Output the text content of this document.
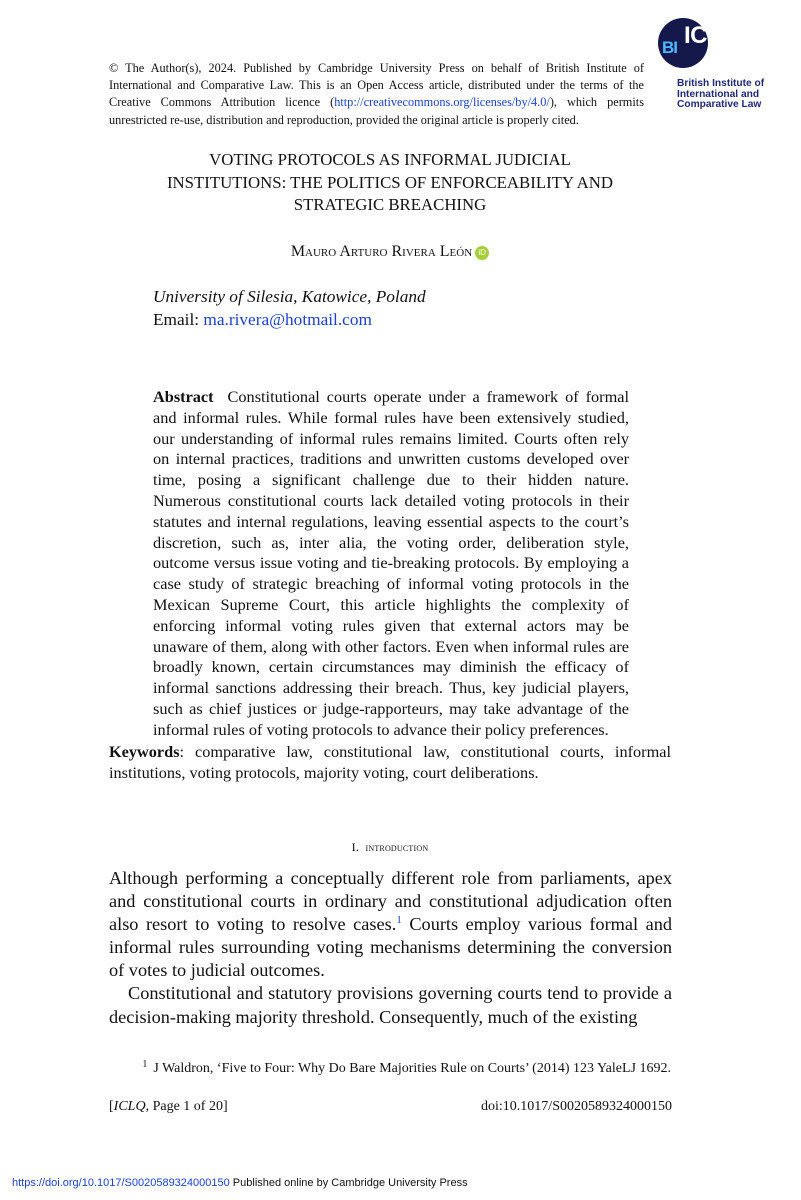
© The Author(s), 2024. Published by Cambridge University Press on behalf of British Institute of International and Comparative Law. This is an Open Access article, distributed under the terms of the Creative Commons Attribution licence (http://creativecommons.org/licenses/by/4.0/), which permits unrestricted re-use, distribution and reproduction, provided the original article is properly cited.
BI ICL
British Institute of
International and
Comparative Law
VOTING PROTOCOLS AS INFORMAL JUDICIAL
INSTITUTIONS: THE POLITICS OF ENFORCEABILITY AND
STRATEGIC BREACHING
Mauro Arturo Rivera León iD
University of Silesia, Katowice, Poland
Email: ma.rivera@hotmail.com
Abstract Constitutional courts operate under a framework of formal and informal rules. While formal rules have been extensively studied, our understanding of informal rules remains limited. Courts often rely on internal practices, traditions and unwritten customs developed over time, posing a significant challenge due to their hidden nature. Numerous constitutional courts lack detailed voting protocols in their statutes and internal regulations, leaving essential aspects to the court’s discretion, such as, inter alia, the voting order, deliberation style, outcome versus issue voting and tie-breaking protocols. By employing a case study of strategic breaching of informal voting protocols in the Mexican Supreme Court, this article highlights the complexity of enforcing informal voting rules given that external actors may be unaware of them, along with other factors. Even when informal rules are broadly known, certain circumstances may diminish the efficacy of informal sanctions addressing their breach. Thus, key judicial players, such as chief justices or judge-rapporteurs, may take advantage of the informal rules of voting protocols to advance their policy preferences.
Keywords: comparative law, constitutional law, constitutional courts, informal institutions, voting protocols, majority voting, court deliberations.
I. introduction

Although performing a conceptually different role from parliaments, apex and constitutional courts in ordinary and constitutional adjudication often also resort to voting to resolve cases.$^1$ Courts employ various formal and informal rules surrounding voting mechanisms determining the conversion of votes to judicial outcomes.

Constitutional and statutory provisions governing courts tend to provide a decision-making majority threshold. Consequently, much of the existing

$^1$ J Waldron, ‘Five to Four: Why Do Bare Majorities Rule on Courts’ (2014) 123 YaleLJ 1692.
[ICLQ, Page 1 of 20]	doi:10.1017/S0020589324000150
https://doi.org/10.1017/S0020589324000150 Published online by Cambridge University Press
